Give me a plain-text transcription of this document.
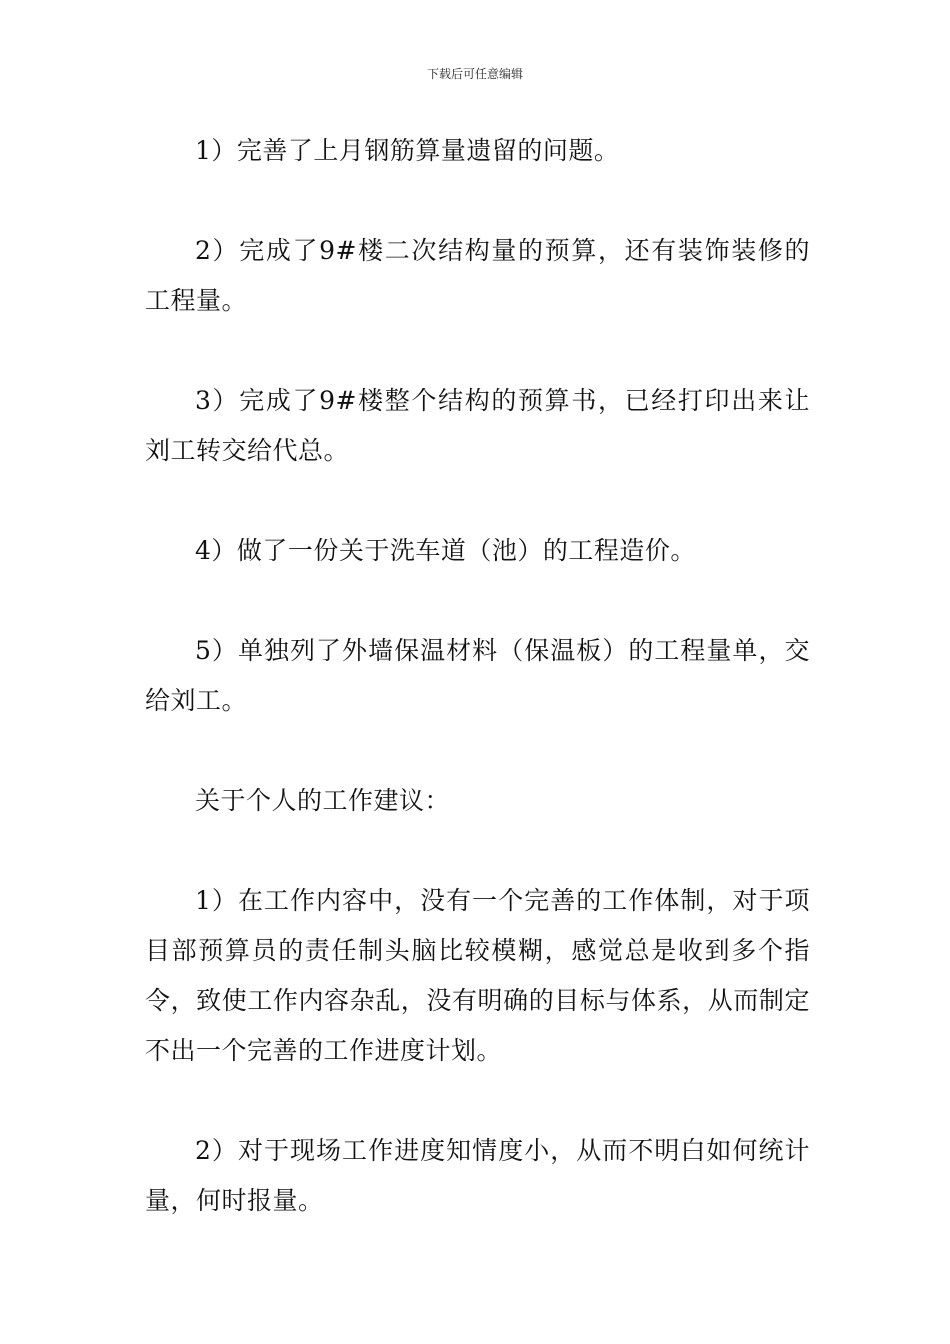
下载后可任意编辑

1）完善了上月钢筋算量遗留的问题。

2）完成了9#楼二次结构量的预算，还有装饰装修的工程量。

3）完成了9#楼整个结构的预算书，已经打印出来让刘工转交给代总。

4）做了一份关于洗车道（池）的工程造价。

5）单独列了外墙保温材料（保温板）的工程量单，交给刘工。

关于个人的工作建议：

1）在工作内容中，没有一个完善的工作体制，对于项目部预算员的责任制头脑比较模糊，感觉总是收到多个指令，致使工作内容杂乱，没有明确的目标与体系，从而制定不出一个完善的工作进度计划。

2）对于现场工作进度知情度小，从而不明白如何统计量，何时报量。
